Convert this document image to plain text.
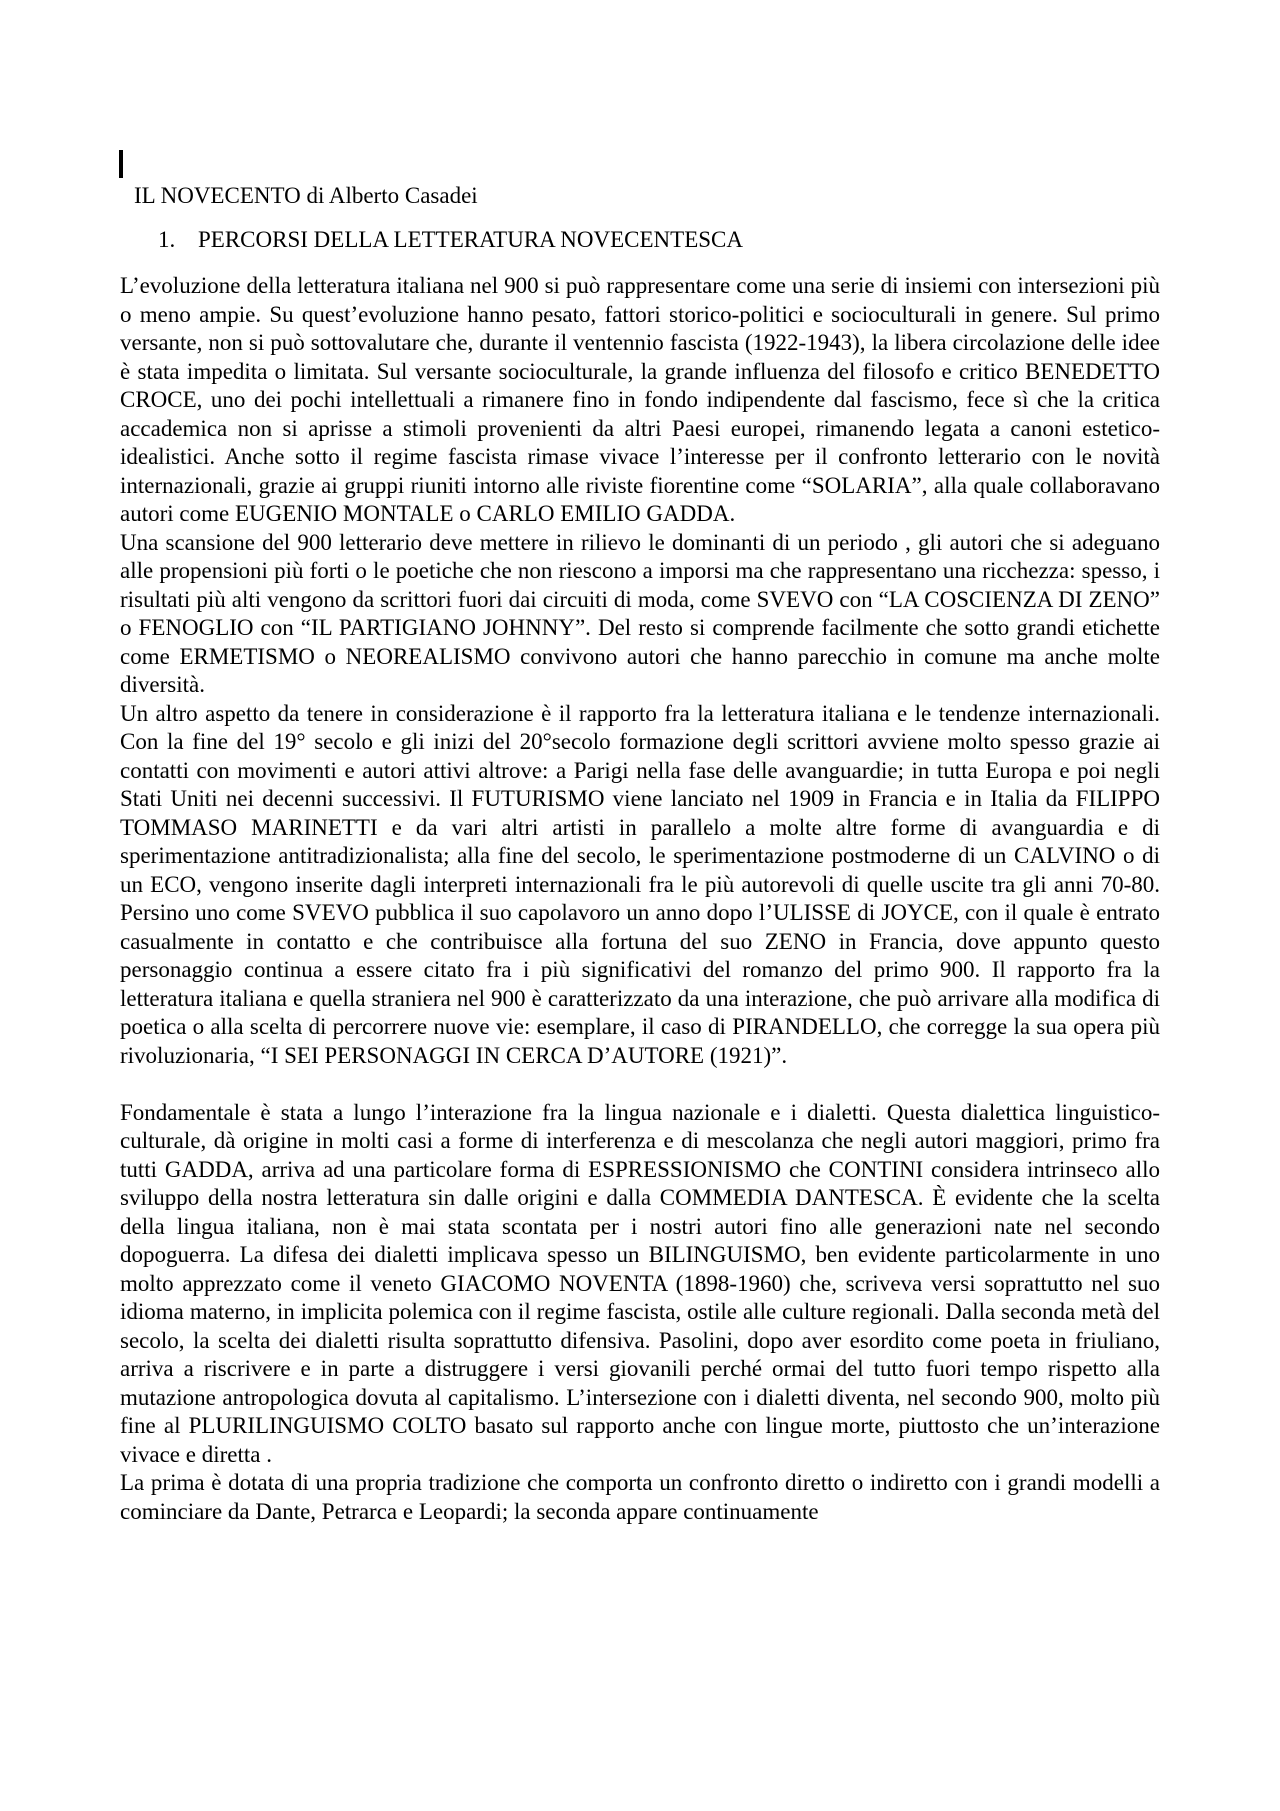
IL NOVECENTO di Alberto Casadei
1. PERCORSI DELLA LETTERATURA NOVECENTESCA

L’evoluzione della letteratura italiana nel 900 si può rappresentare come una serie di insiemi con intersezioni più o meno ampie. Su quest’evoluzione hanno pesato, fattori storico-politici e socioculturali in genere. Sul primo versante, non si può sottovalutare che, durante il ventennio fascista (1922-1943), la libera circolazione delle idee è stata impedita o limitata. Sul versante socioculturale, la grande influenza del filosofo e critico BENEDETTO CROCE, uno dei pochi intellettuali a rimanere fino in fondo indipendente dal fascismo, fece sì che la critica accademica non si aprisse a stimoli provenienti da altri Paesi europei, rimanendo legata a canoni estetico-idealistici. Anche sotto il regime fascista rimase vivace l’interesse per il confronto letterario con le novità internazionali, grazie ai gruppi riuniti intorno alle riviste fiorentine come “SOLARIA”, alla quale collaboravano autori come EUGENIO MONTALE o CARLO EMILIO GADDA.

Una scansione del 900 letterario deve mettere in rilievo le dominanti di un periodo , gli autori che si adeguano alle propensioni più forti o le poetiche che non riescono a imporsi ma che rappresentano una ricchezza: spesso, i risultati più alti vengono da scrittori fuori dai circuiti di moda, come SVEVO con “LA COSCIENZA DI ZENO” o FENOGLIO con “IL PARTIGIANO JOHNNY”. Del resto si comprende facilmente che sotto grandi etichette come ERMETISMO o NEOREALISMO convivono autori che hanno parecchio in comune ma anche molte diversità.

Un altro aspetto da tenere in considerazione è il rapporto fra la letteratura italiana e le tendenze internazionali. Con la fine del 19° secolo e gli inizi del 20°secolo formazione degli scrittori avviene molto spesso grazie ai contatti con movimenti e autori attivi altrove: a Parigi nella fase delle avanguardie; in tutta Europa e poi negli Stati Uniti nei decenni successivi. Il FUTURISMO viene lanciato nel 1909 in Francia e in Italia da FILIPPO TOMMASO MARINETTI e da vari altri artisti in parallelo a molte altre forme di avanguardia e di sperimentazione antitradizionalista; alla fine del secolo, le sperimentazione postmoderne di un CALVINO o di un ECO, vengono inserite dagli interpreti internazionali fra le più autorevoli di quelle uscite tra gli anni 70-80. Persino uno come SVEVO pubblica il suo capolavoro un anno dopo l’ULISSE di JOYCE, con il quale è entrato casualmente in contatto e che contribuisce alla fortuna del suo ZENO in Francia, dove appunto questo personaggio continua a essere citato fra i più significativi del romanzo del primo 900. Il rapporto fra la letteratura italiana e quella straniera nel 900 è caratterizzato da una interazione, che può arrivare alla modifica di poetica o alla scelta di percorrere nuove vie: esemplare, il caso di PIRANDELLO, che corregge la sua opera più rivoluzionaria, “I SEI PERSONAGGI IN CERCA D’AUTORE (1921)”.

Fondamentale è stata a lungo l’interazione fra la lingua nazionale e i dialetti. Questa dialettica linguistico-culturale, dà origine in molti casi a forme di interferenza e di mescolanza che negli autori maggiori, primo fra tutti GADDA, arriva ad una particolare forma di ESPRESSIONISMO che CONTINI considera intrinseco allo sviluppo della nostra letteratura sin dalle origini e dalla COMMEDIA DANTESCA. È evidente che la scelta della lingua italiana, non è mai stata scontata per i nostri autori fino alle generazioni nate nel secondo dopoguerra. La difesa dei dialetti implicava spesso un BILINGUISMO, ben evidente particolarmente in uno molto apprezzato come il veneto GIACOMO NOVENTA (1898-1960) che, scriveva versi soprattutto nel suo idioma materno, in implicita polemica con il regime fascista, ostile alle culture regionali. Dalla seconda metà del secolo, la scelta dei dialetti risulta soprattutto difensiva. Pasolini, dopo aver esordito come poeta in friuliano, arriva a riscrivere e in parte a distruggere i versi giovanili perché ormai del tutto fuori tempo rispetto alla mutazione antropologica dovuta al capitalismo. L’intersezione con i dialetti diventa, nel secondo 900, molto più fine al PLURILINGUISMO COLTO basato sul rapporto anche con lingue morte, piuttosto che un’interazione vivace e diretta .

La prima è dotata di una propria tradizione che comporta un confronto diretto o indiretto con i grandi modelli a cominciare da Dante, Petrarca e Leopardi; la seconda appare continuamente
